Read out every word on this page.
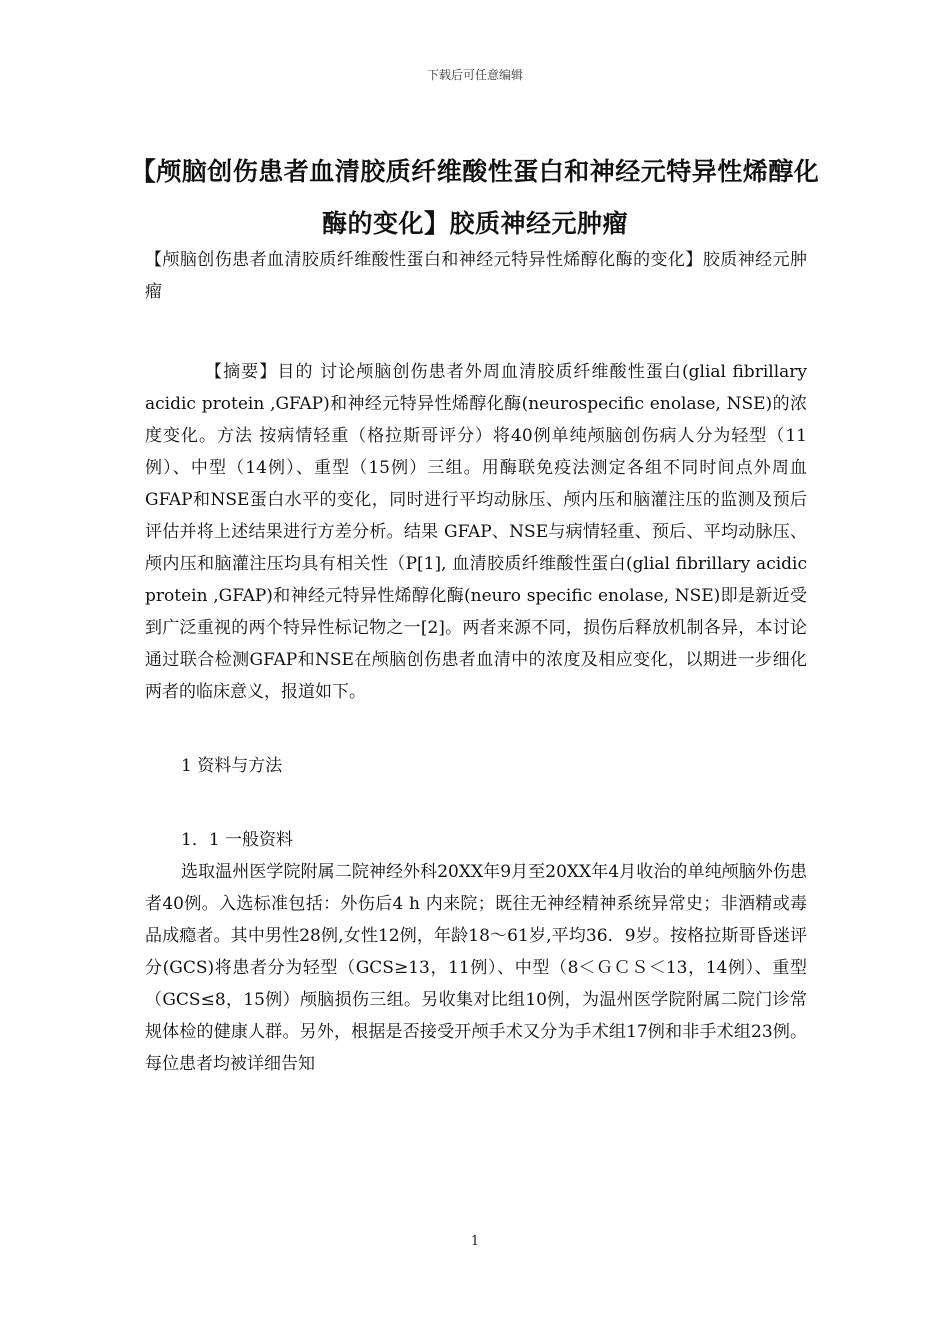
下载后可任意编辑
【颅脑创伤患者血清胶质纤维酸性蛋白和神经元特异性烯醇化酶的变化】胶质神经元肿瘤

【颅脑创伤患者血清胶质纤维酸性蛋白和神经元特异性烯醇化酶的变化】胶质神经元肿瘤

【摘要】目的 讨论颅脑创伤患者外周血清胶质纤维酸性蛋白(glial fibrillary acidic protein ,GFAP)和神经元特异性烯醇化酶(neurospecific enolase, NSE)的浓度变化。方法 按病情轻重（格拉斯哥评分）将40例单纯颅脑创伤病人分为轻型（11例）、中型（14例）、重型（15例）三组。用酶联免疫法测定各组不同时间点外周血GFAP和NSE蛋白水平的变化，同时进行平均动脉压、颅内压和脑灌注压的监测及预后评估并将上述结果进行方差分析。结果 GFAP、NSE与病情轻重、预后、平均动脉压、颅内压和脑灌注压均具有相关性（P[1], 血清胶质纤维酸性蛋白(glial fibrillary acidic protein ,GFAP)和神经元特异性烯醇化酶(neuro specific enolase, NSE)即是新近受到广泛重视的两个特异性标记物之一[2]。两者来源不同，损伤后释放机制各异，本讨论通过联合检测GFAP和NSE在颅脑创伤患者血清中的浓度及相应变化，以期进一步细化两者的临床意义，报道如下。

1 资料与方法

1．1 一般资料

选取温州医学院附属二院神经外科20XX年9月至20XX年4月收治的单纯颅脑外伤患者40例。入选标准包括：外伤后4 h 内来院；既往无神经精神系统异常史；非酒精或毒品成瘾者。其中男性28例,女性12例，年龄18～61岁,平均36．9岁。按格拉斯哥昏迷评分(GCS)将患者分为轻型（GCS≥13，11例）、中型（8＜ＧＣＳ＜13，14例）、重型（GCS≤8，15例）颅脑损伤三组。另收集对比组10例，为温州医学院附属二院门诊常规体检的健康人群。另外，根据是否接受开颅手术又分为手术组17例和非手术组23例。每位患者均被详细告知

1
